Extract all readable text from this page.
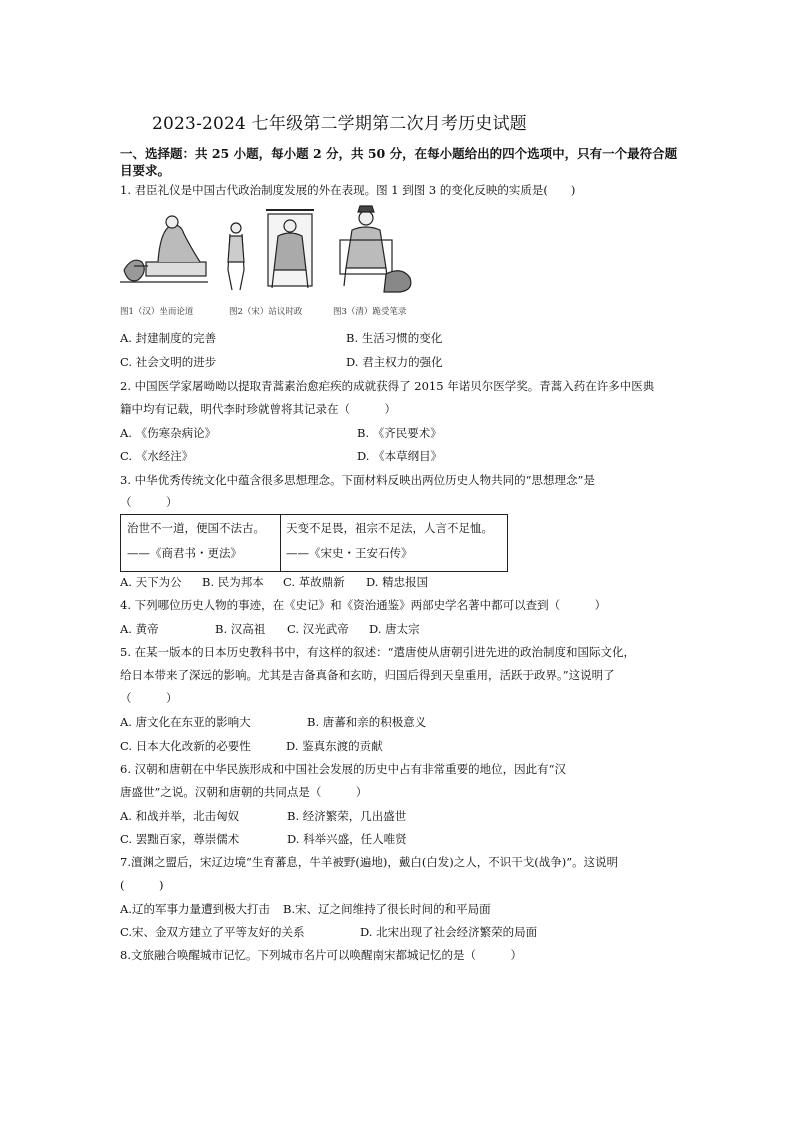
2023-2024 七年级第二学期第二次月考历史试题
一、选择题：共 25 小题，每小题 2 分，共 50 分，在每小题给出的四个选项中，只有一个最符合题目要求。
1. 君臣礼仪是中国古代政治制度发展的外在表现。图 1 到图 3 的变化反映的实质是(　　)
图1（汉）坐而论道	图2（宋）站议时政	图3（清）跪受笔录
A. 封建制度的完善	B. 生活习惯的变化
C. 社会文明的进步	D. 君主权力的强化
2. 中国医学家屠呦呦以提取青蒿素治愈疟疾的成就获得了 2015 年诺贝尔医学奖。青蒿入药在许多中医典
籍中均有记载，明代李时珍就曾将其记录在（　　　）
A. 《伤寒杂病论》	B. 《齐民要术》
C. 《水经注》	D. 《本草纲目》
3. 中华优秀传统文化中蕴含很多思想理念。下面材料反映出两位历史人物共同的“思想理念”是
（　　　）
治世不一道，便国不法古。
——《商君书・更法》
天变不足畏，祖宗不足法，人言不足恤。
——《宋史・王安石传》
A. 天下为公 B. 民为邦本 C. 革故鼎新 D. 精忠报国
4. 下列哪位历史人物的事迹，在《史记》和《资治通鉴》两部史学名著中都可以查到（　　　）
A. 黄帝	B. 汉高祖 C. 汉光武帝 D. 唐太宗
5. 在某一版本的日本历史教科书中，有这样的叙述：“遣唐使从唐朝引进先进的政治制度和国际文化，
给日本带来了深远的影响。尤其是吉备真备和玄昉，归国后得到天皇重用，活跃于政界。”这说明了
（　　　）
A. 唐文化在东亚的影响大	B. 唐蕃和亲的积极意义
C. 日本大化改新的必要性	D. 鉴真东渡的贡献
6. 汉朝和唐朝在中华民族形成和中国社会发展的历史中占有非常重要的地位，因此有“汉
唐盛世”之说。汉朝和唐朝的共同点是（　　　）
A. 和战并举，北击匈奴	B. 经济繁荣，几出盛世
C. 罢黜百家，尊崇儒术	D. 科举兴盛，任人唯贤
7.澶渊之盟后，宋辽边境“生育蕃息，牛羊被野(遍地)，戴白(白发)之人，不识干戈(战争)”。这说明
(　　　)
A.辽的军事力量遭到极大打击 B.宋、辽之间维持了很长时间的和平局面
C.宋、金双方建立了平等友好的关系	D. 北宋出现了社会经济繁荣的局面
8.文旅融合唤醒城市记忆。下列城市名片可以唤醒南宋都城记忆的是（　　　）
